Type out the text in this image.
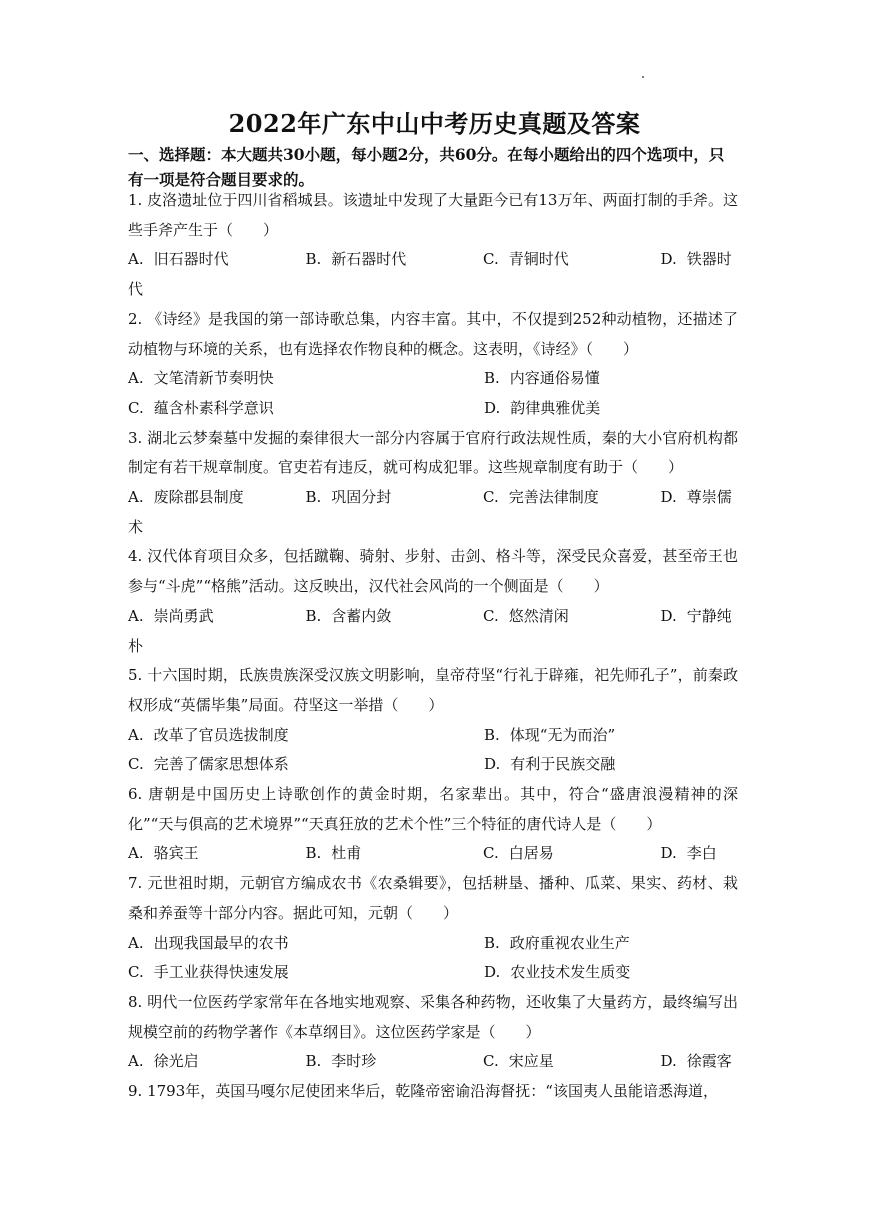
2022年广东中山中考历史真题及答案
一、选择题：本大题共30小题，每小题2分，共60分。在每小题给出的四个选项中，只有一项是符合题目要求的。
1. 皮洛遗址位于四川省稻城县。该遗址中发现了大量距今已有13万年、两面打制的手斧。这些手斧产生于（　　）
A. 旧石器时代	B. 新石器时代	C. 青铜时代	D. 铁器时
代
2. 《诗经》是我国的第一部诗歌总集，内容丰富。其中，不仅提到252种动植物，还描述了动植物与环境的关系，也有选择农作物良种的概念。这表明，《诗经》（　　）
A. 文笔清新节奏明快	B. 内容通俗易懂
C. 蕴含朴素科学意识	D. 韵律典雅优美
3. 湖北云梦秦墓中发掘的秦律很大一部分内容属于官府行政法规性质，秦的大小官府机构都制定有若干规章制度。官吏若有违反，就可构成犯罪。这些规章制度有助于（　　）
A. 废除郡县制度	B. 巩固分封	C. 完善法律制度	D. 尊崇儒
术
4. 汉代体育项目众多，包括蹴鞠、骑射、步射、击剑、格斗等，深受民众喜爱，甚至帝王也参与“斗虎”“格熊”活动。这反映出，汉代社会风尚的一个侧面是（　　）
A. 崇尚勇武	B. 含蓄内敛	C. 悠然清闲	D. 宁静纯
朴
5. 十六国时期，氐族贵族深受汉族文明影响，皇帝苻坚“行礼于辟雍，祀先师孔子”，前秦政权形成“英儒毕集”局面。苻坚这一举措（　　）
A. 改革了官员选拔制度	B. 体现“无为而治”
C. 完善了儒家思想体系	D. 有利于民族交融
6. 唐朝是中国历史上诗歌创作的黄金时期，名家辈出。其中，符合“盛唐浪漫精神的深化”“天与俱高的艺术境界”“天真狂放的艺术个性”三个特征的唐代诗人是（　　）
A. 骆宾王	B. 杜甫	C. 白居易	D. 李白
7. 元世祖时期，元朝官方编成农书《农桑辑要》，包括耕垦、播种、瓜菜、果实、药材、栽桑和养蚕等十部分内容。据此可知，元朝（　　）
A. 出现我国最早的农书	B. 政府重视农业生产
C. 手工业获得快速发展	D. 农业技术发生质变
8. 明代一位医药学家常年在各地实地观察、采集各种药物，还收集了大量药方，最终编写出规模空前的药物学著作《本草纲目》。这位医药学家是（　　）
A. 徐光启	B. 李时珍	C. 宋应星	D. 徐霞客
9. 1793年，英国马嘎尔尼使团来华后，乾隆帝密谕沿海督抚：“该国夷人虽能谙悉海道，
